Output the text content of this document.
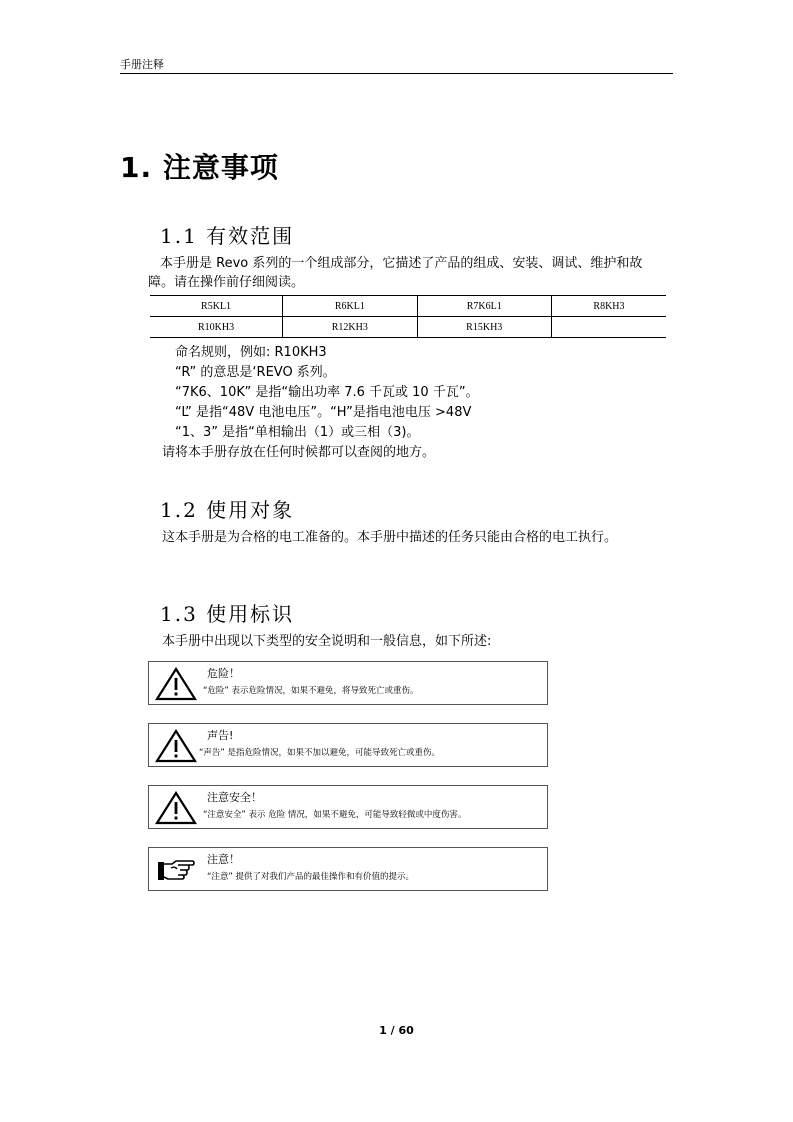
手册注释
1. 注意事项
1.1 有效范围
本手册是 Revo 系列的一个组成部分，它描述了产品的组成、安装、调试、维护和故
障。请在操作前仔细阅读。
R5KL1	R6KL1	R7K6L1	R8KH3
R10KH3	R12KH3	R15KH3	
命名规则，例如: R10KH3
“R” 的意思是‘REVO 系列。
“7K6、10K” 是指“输出功率 7.6 千瓦或 10 千瓦”。
“L” 是指“48V 电池电压”。“H”是指电池电压 >48V
“1、3” 是指“单相输出（1）或三相（3)。
请将本手册存放在任何时候都可以查阅的地方。
1.2 使用对象
这本手册是为合格的电工准备的。本手册中描述的任务只能由合格的电工执行。
1.3 使用标识
本手册中出现以下类型的安全说明和一般信息，如下所述:
危险！
“危险” 表示危险情况，如果不避免，将导致死亡或重伤。
声告!
“声告” 是指危险情况，如果不加以避免，可能导致死亡或重伤。
注意安全！
“注意安全” 表示 危险 情况，如果不避免，可能导致轻微或中度伤害。
注意！
“注意” 提供了对我们产品的最佳操作和有价值的提示。
1 / 60
